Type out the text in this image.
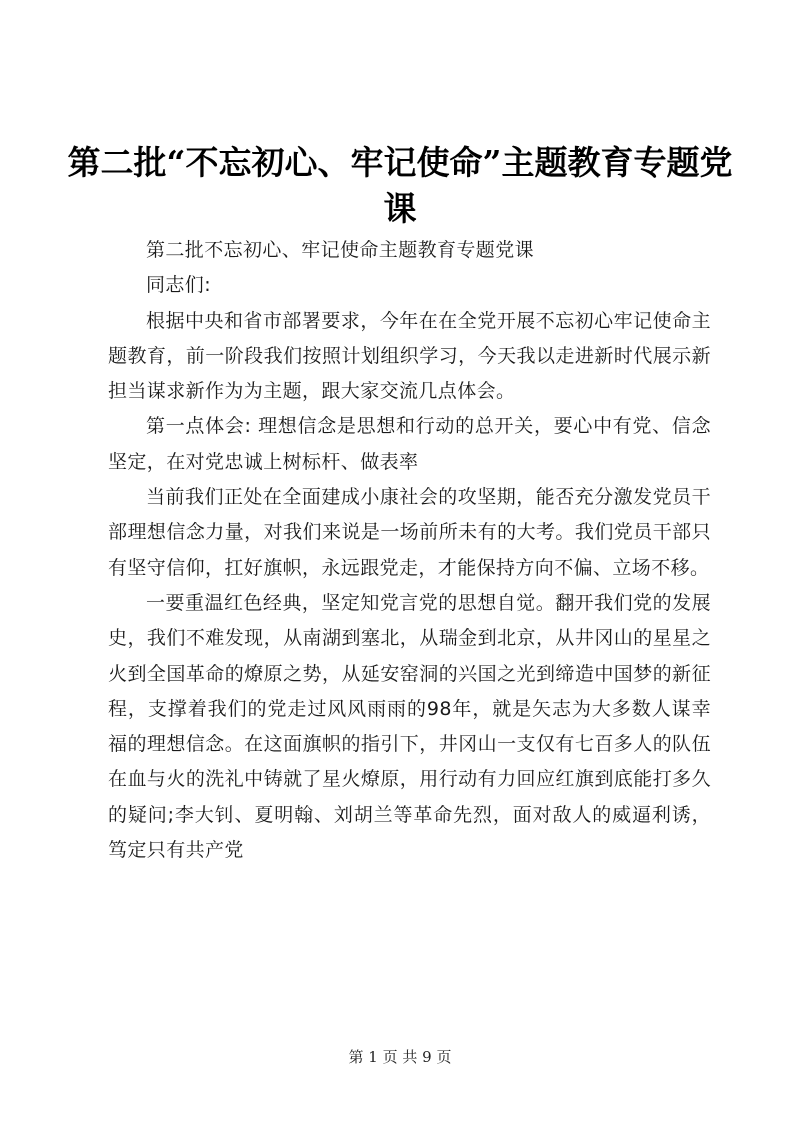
第二批“不忘初心、牢记使命”主题教育专题党课

第二批不忘初心、牢记使命主题教育专题党课

同志们:

根据中央和省市部署要求，今年在在全党开展不忘初心牢记使命主题教育，前一阶段我们按照计划组织学习，今天我以走进新时代展示新担当谋求新作为为主题，跟大家交流几点体会。

第一点体会: 理想信念是思想和行动的总开关，要心中有党、信念坚定，在对党忠诚上树标杆、做表率

当前我们正处在全面建成小康社会的攻坚期，能否充分激发党员干部理想信念力量，对我们来说是一场前所未有的大考。我们党员干部只有坚守信仰，扛好旗帜，永远跟党走，才能保持方向不偏、立场不移。

一要重温红色经典，坚定知党言党的思想自觉。翻开我们党的发展史，我们不难发现，从南湖到塞北，从瑞金到北京，从井冈山的星星之火到全国革命的燎原之势，从延安窑洞的兴国之光到缔造中国梦的新征程，支撑着我们的党走过风风雨雨的98年，就是矢志为大多数人谋幸福的理想信念。在这面旗帜的指引下，井冈山一支仅有七百多人的队伍在血与火的洗礼中铸就了星火燎原，用行动有力回应红旗到底能打多久的疑问;李大钊、夏明翰、刘胡兰等革命先烈，面对敌人的威逼利诱，笃定只有共产党

第 1 页 共 9 页
